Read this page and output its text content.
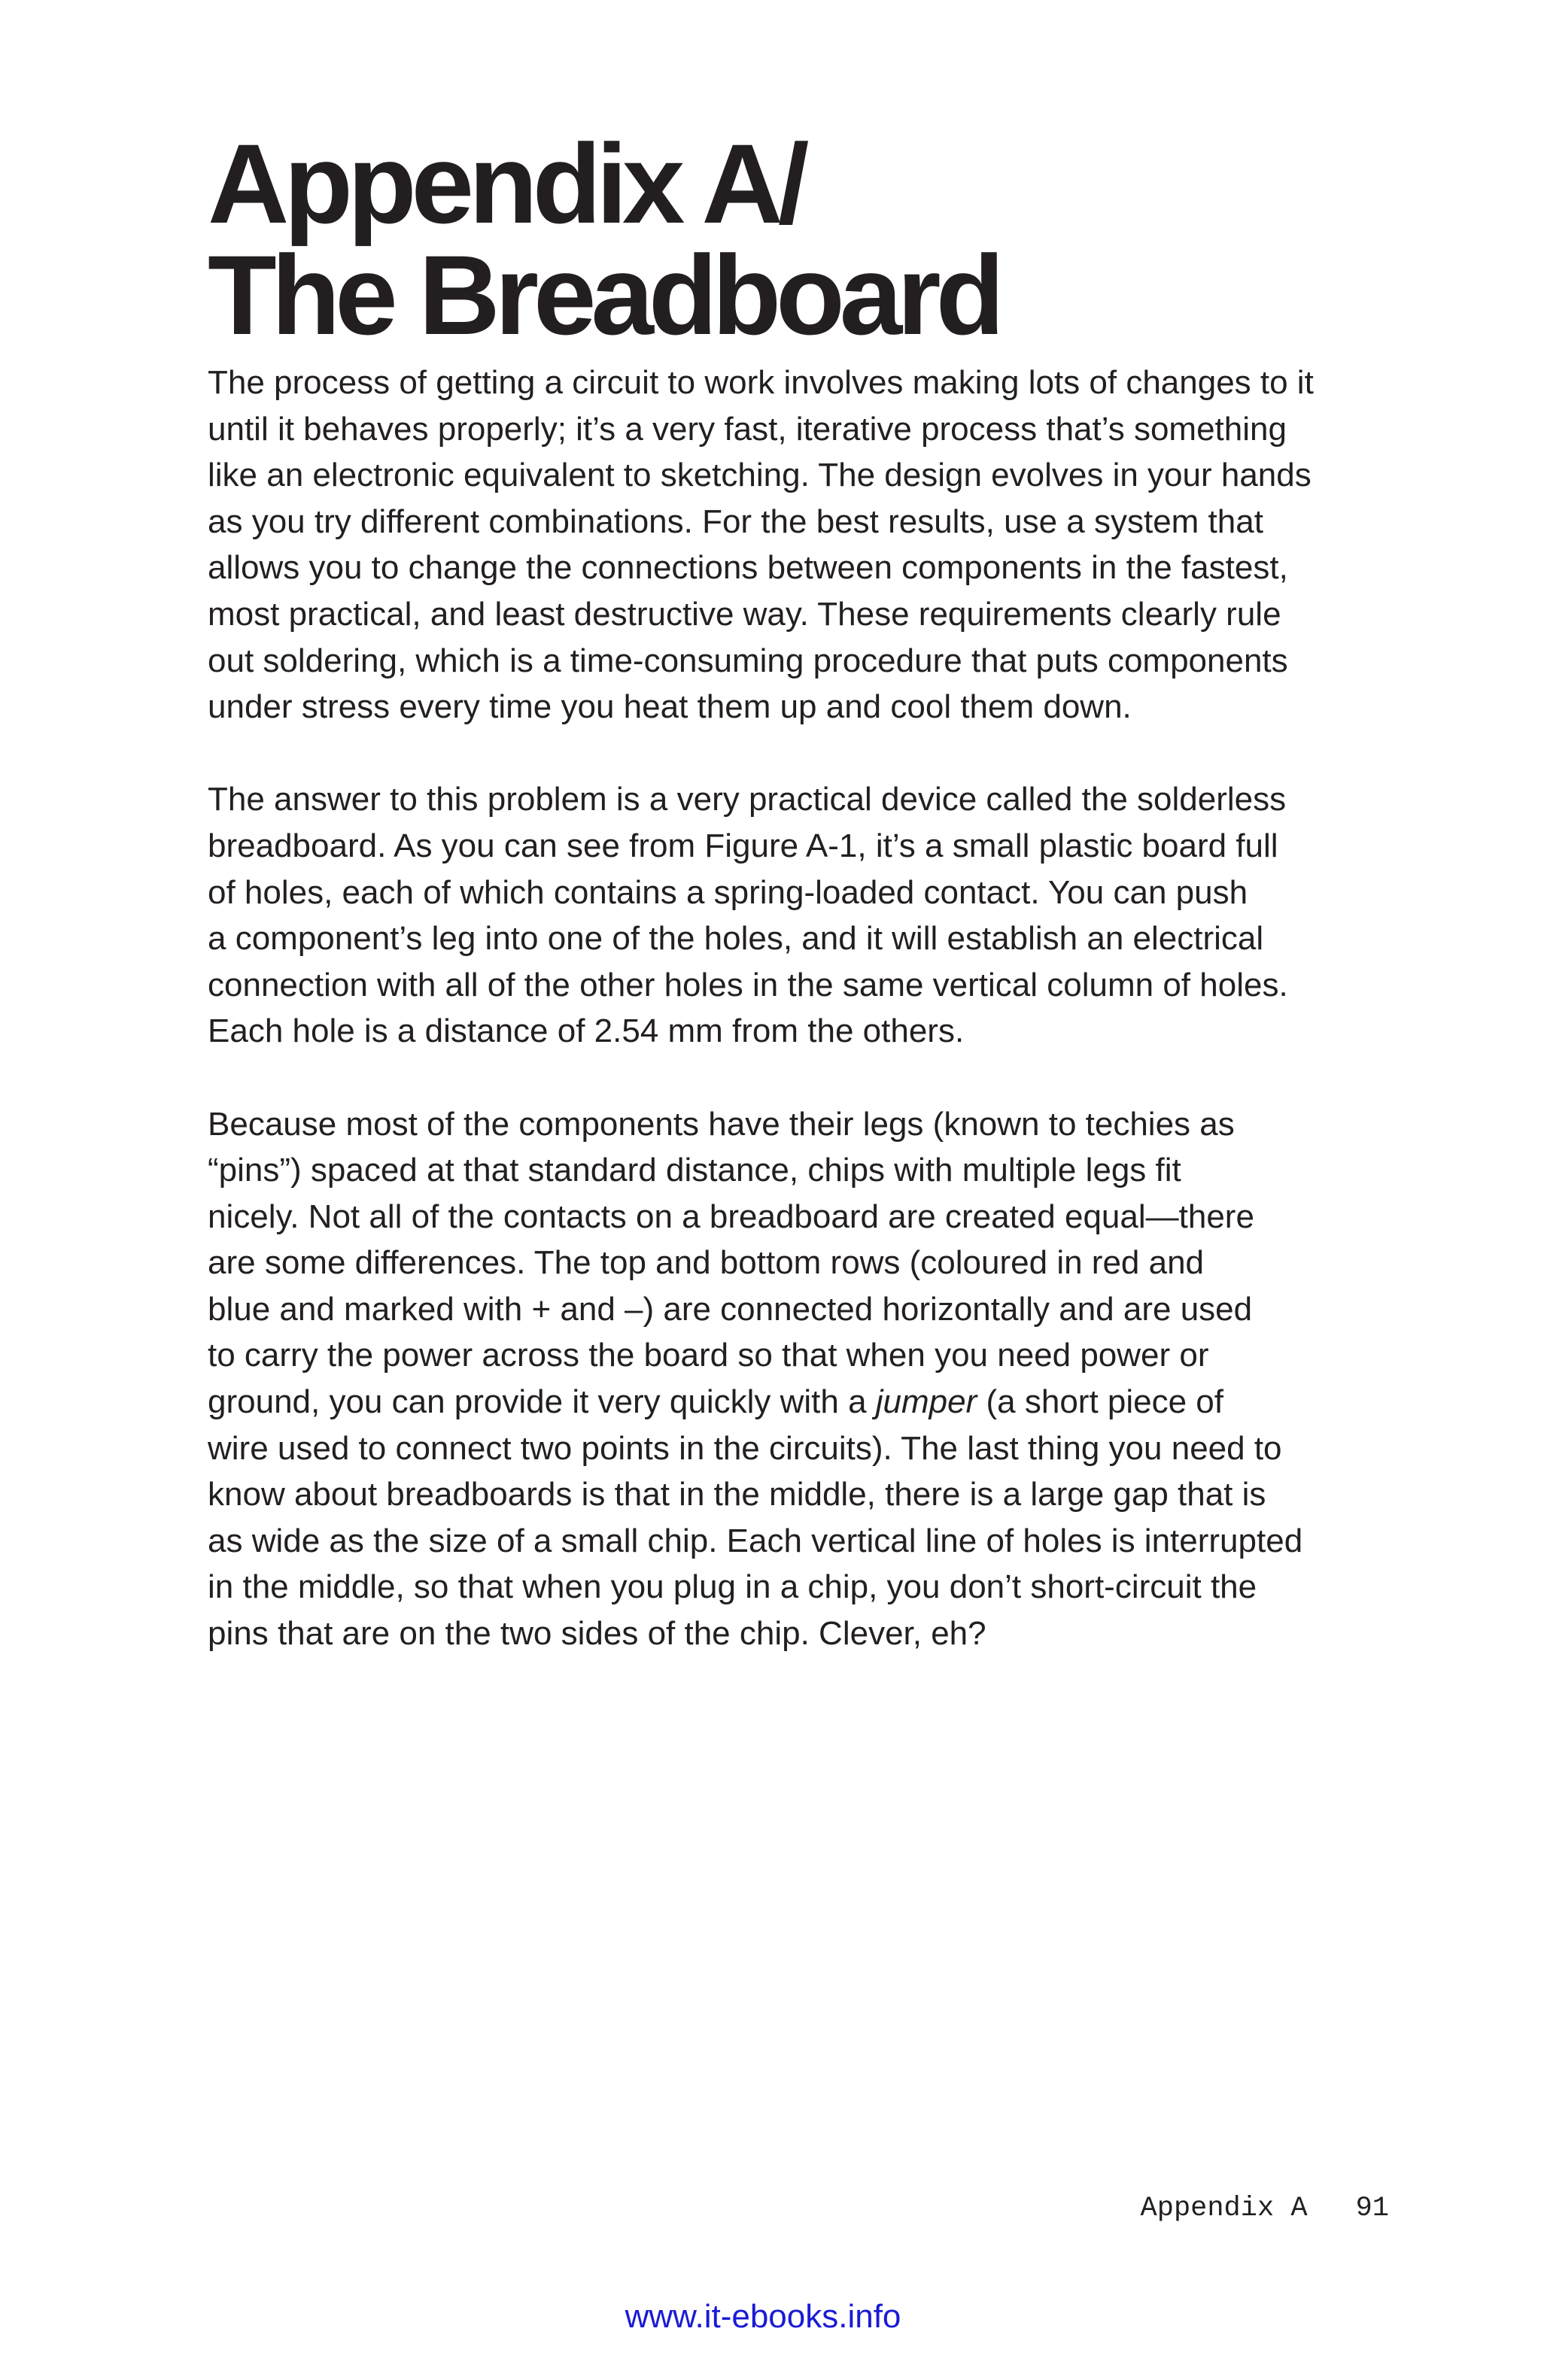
Appendix A/
The Breadboard

The process of getting a circuit to work involves making lots of changes to it
until it behaves properly; it’s a very fast, iterative process that’s something
like an electronic equivalent to sketching. The design evolves in your hands
as you try different combinations. For the best results, use a system that
allows you to change the connections between components in the fastest,
most practical, and least destructive way. These requirements clearly rule
out soldering, which is a time-consuming procedure that puts components
under stress every time you heat them up and cool them down.

The answer to this problem is a very practical device called the solderless
breadboard. As you can see from Figure A-1, it’s a small plastic board full
of holes, each of which contains a spring-loaded contact. You can push
a component’s leg into one of the holes, and it will establish an electrical
connection with all of the other holes in the same vertical column of holes.
Each hole is a distance of 2.54 mm from the others.

Because most of the components have their legs (known to techies as
“pins”) spaced at that standard distance, chips with multiple legs fit
nicely. Not all of the contacts on a breadboard are created equal—there
are some differences. The top and bottom rows (coloured in red and
blue and marked with + and –) are connected horizontally and are used
to carry the power across the board so that when you need power or
ground, you can provide it very quickly with a jumper (a short piece of
wire used to connect two points in the circuits). The last thing you need to
know about breadboards is that in the middle, there is a large gap that is
as wide as the size of a small chip. Each vertical line of holes is interrupted
in the middle, so that when you plug in a chip, you don’t short-circuit the
pins that are on the two sides of the chip. Clever, eh?

Appendix A 91
www.it-ebooks.info
